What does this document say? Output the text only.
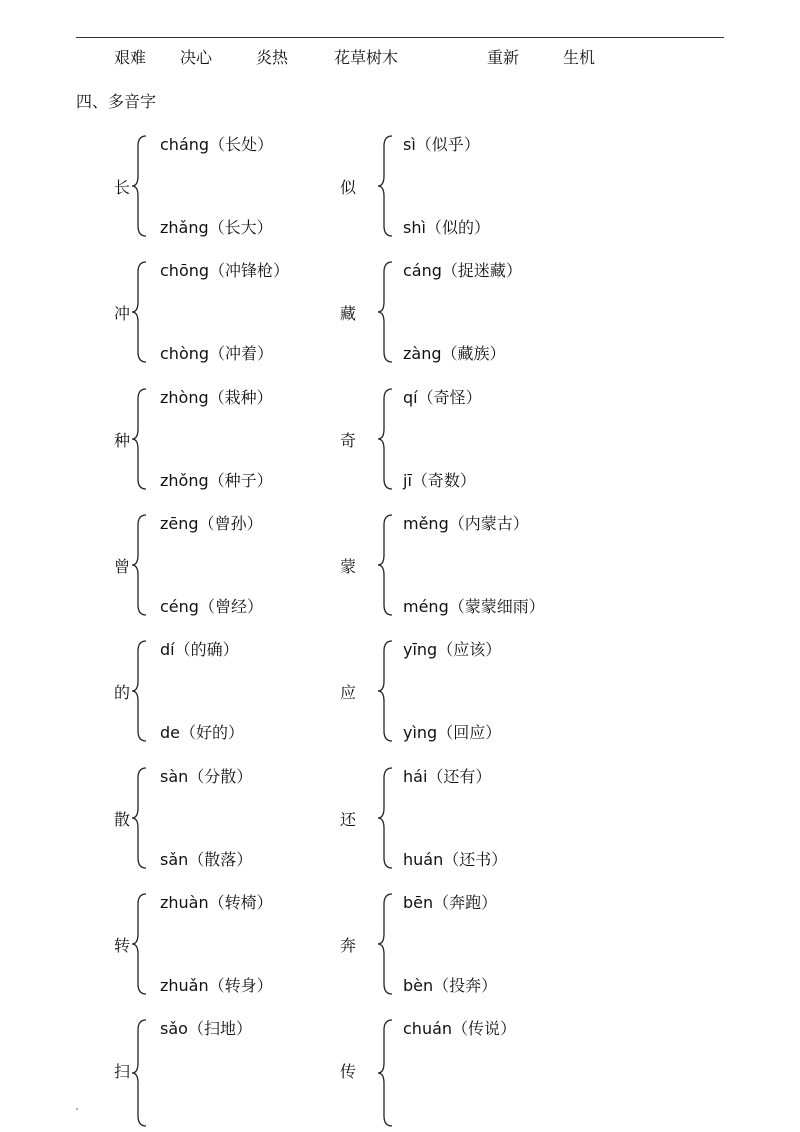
艰难 决心	炎热	花草树木	重新	生机
四、多音字
长
cháng（长处）
zhǎng（长大）
似
sì（似乎）
shì（似的）
冲
chōng（冲锋枪）
chòng（冲着）
藏
cáng（捉迷藏）
zàng（藏族）
种
zhòng（栽种）
zhǒng（种子）
奇
qí（奇怪）
jī（奇数）
曾
zēng（曾孙）
céng（曾经）
蒙
měng（内蒙古）
méng（蒙蒙细雨）
的
dí（的确）
de（好的）
应
yīng（应该）
yìng（回应）
散
sàn（分散）
sǎn（散落）
还
hái（还有）
huán（还书）
转
zhuàn（转椅）
zhuǎn（转身）
奔
bēn（奔跑）
bèn（投奔）
扫
sǎo（扫地）
传
chuán（传说）
